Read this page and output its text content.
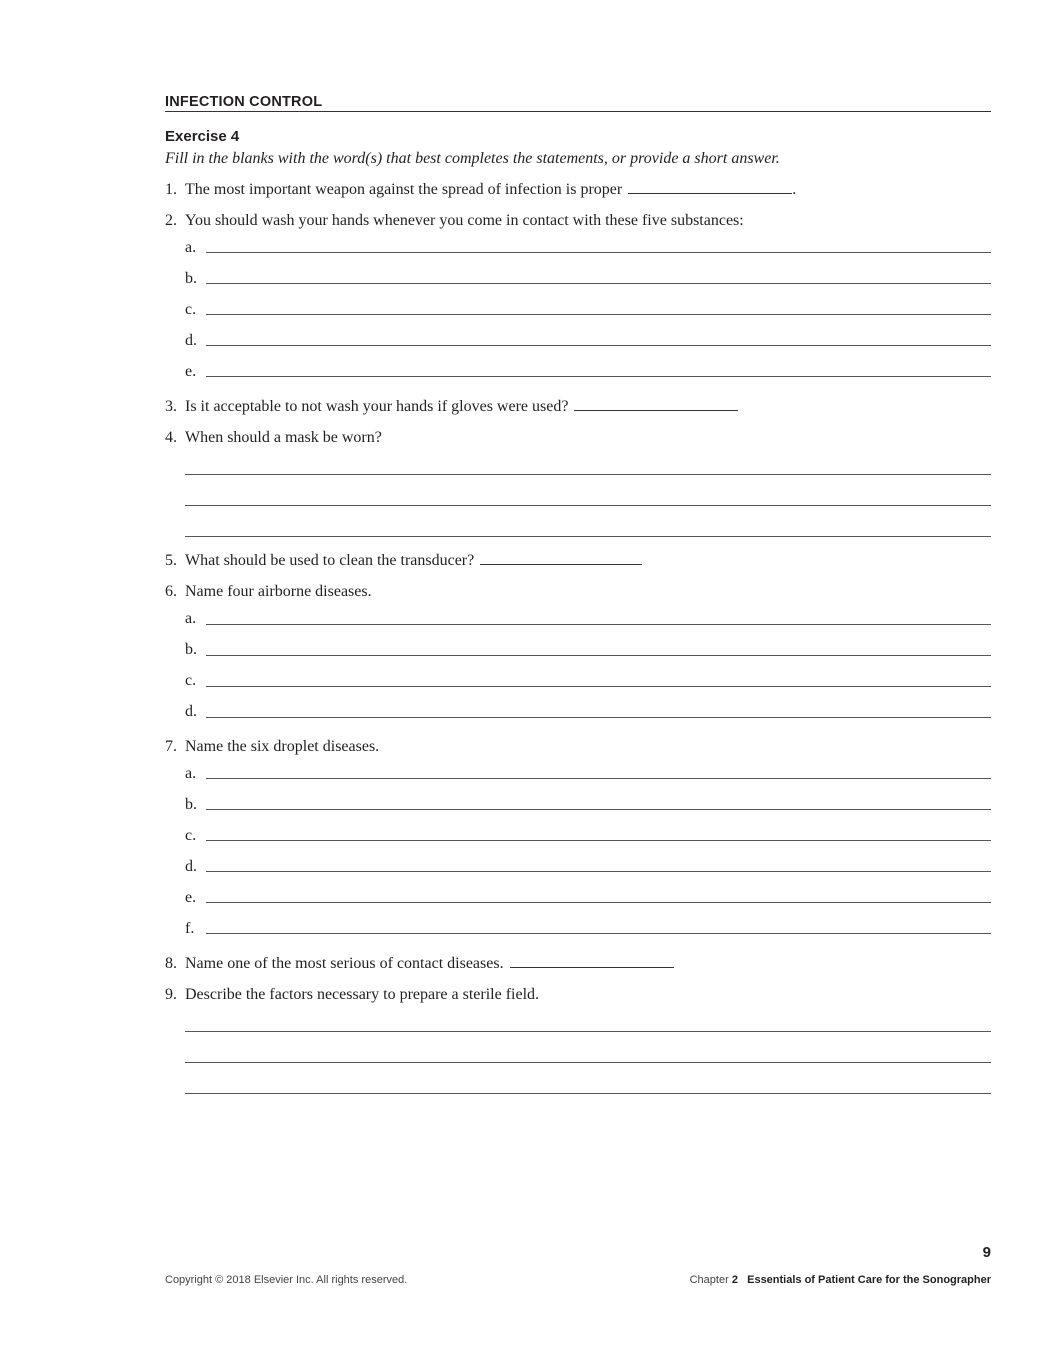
INFECTION CONTROL
Exercise 4
Fill in the blanks with the word(s) that best completes the statements, or provide a short answer.
1. The most important weapon against the spread of infection is proper	.
2. You should wash your hands whenever you come in contact with these five substances:
a.
b.
c.
d.
e.
3. Is it acceptable to not wash your hands if gloves were used?
4. When should a mask be worn?
5. What should be used to clean the transducer?
6. Name four airborne diseases.
a.
b.
c.
d.
7. Name the six droplet diseases.
a.
b.
c.
d.
e.
f.
8. Name one of the most serious of contact diseases.
9. Describe the factors necessary to prepare a sterile field.
9
Copyright © 2018 Elsevier Inc. All rights reserved.	Chapter 2 Essentials of Patient Care for the Sonographer
